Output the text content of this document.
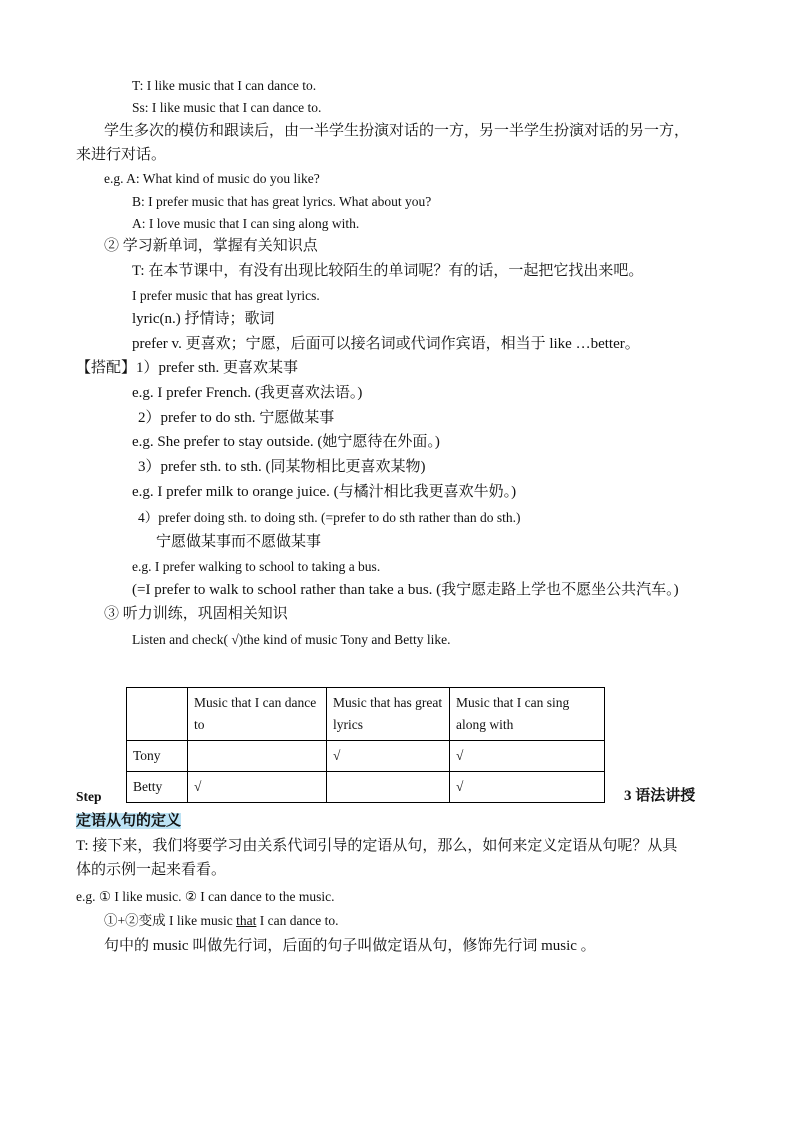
T: I like music that I can dance to.
Ss: I like music that I can dance to.
学生多次的模仿和跟读后，由一半学生扮演对话的一方，另一半学生扮演对话的另一方，
来进行对话。
e.g. A: What kind of music do you like?
B: I prefer music that has great lyrics. What about you?
A: I love music that I can sing along with.
② 学习新单词，掌握有关知识点
T: 在本节课中，有没有出现比较陌生的单词呢？有的话，一起把它找出来吧。
I prefer music that has great lyrics.
lyric(n.) 抒情诗；歌词
prefer v. 更喜欢；宁愿，后面可以接名词或代词作宾语，相当于 like …better。
【搭配】1）prefer sth. 更喜欢某事
e.g. I prefer French. (我更喜欢法语。)
2）prefer to do sth. 宁愿做某事
e.g. She prefer to stay outside. (她宁愿待在外面。)
3）prefer sth. to sth. (同某物相比更喜欢某物)
e.g. I prefer milk to orange juice. (与橘汁相比我更喜欢牛奶。)
4）prefer doing sth. to doing sth. (=prefer to do sth rather than do sth.)
宁愿做某事而不愿做某事
e.g. I prefer walking to school to taking a bus.
(=I prefer to walk to school rather than take a bus. (我宁愿走路上学也不愿坐公共汽车。)
③ 听力训练，巩固相关知识
Listen and check( √)the kind of music Tony and Betty like.
	Music that I can dance to	Music that has great lyrics	Music that I can sing along with
Tony		√	√
Betty	√		√
Step	3 语法讲授
定语从句的定义
T: 接下来，我们将要学习由关系代词引导的定语从句，那么，如何来定义定语从句呢？从具
体的示例一起来看看。
e.g. ① I like music. ② I can dance to the music.
①+②变成 I like music that I can dance to.
句中的 music 叫做先行词，后面的句子叫做定语从句，修饰先行词 music 。
